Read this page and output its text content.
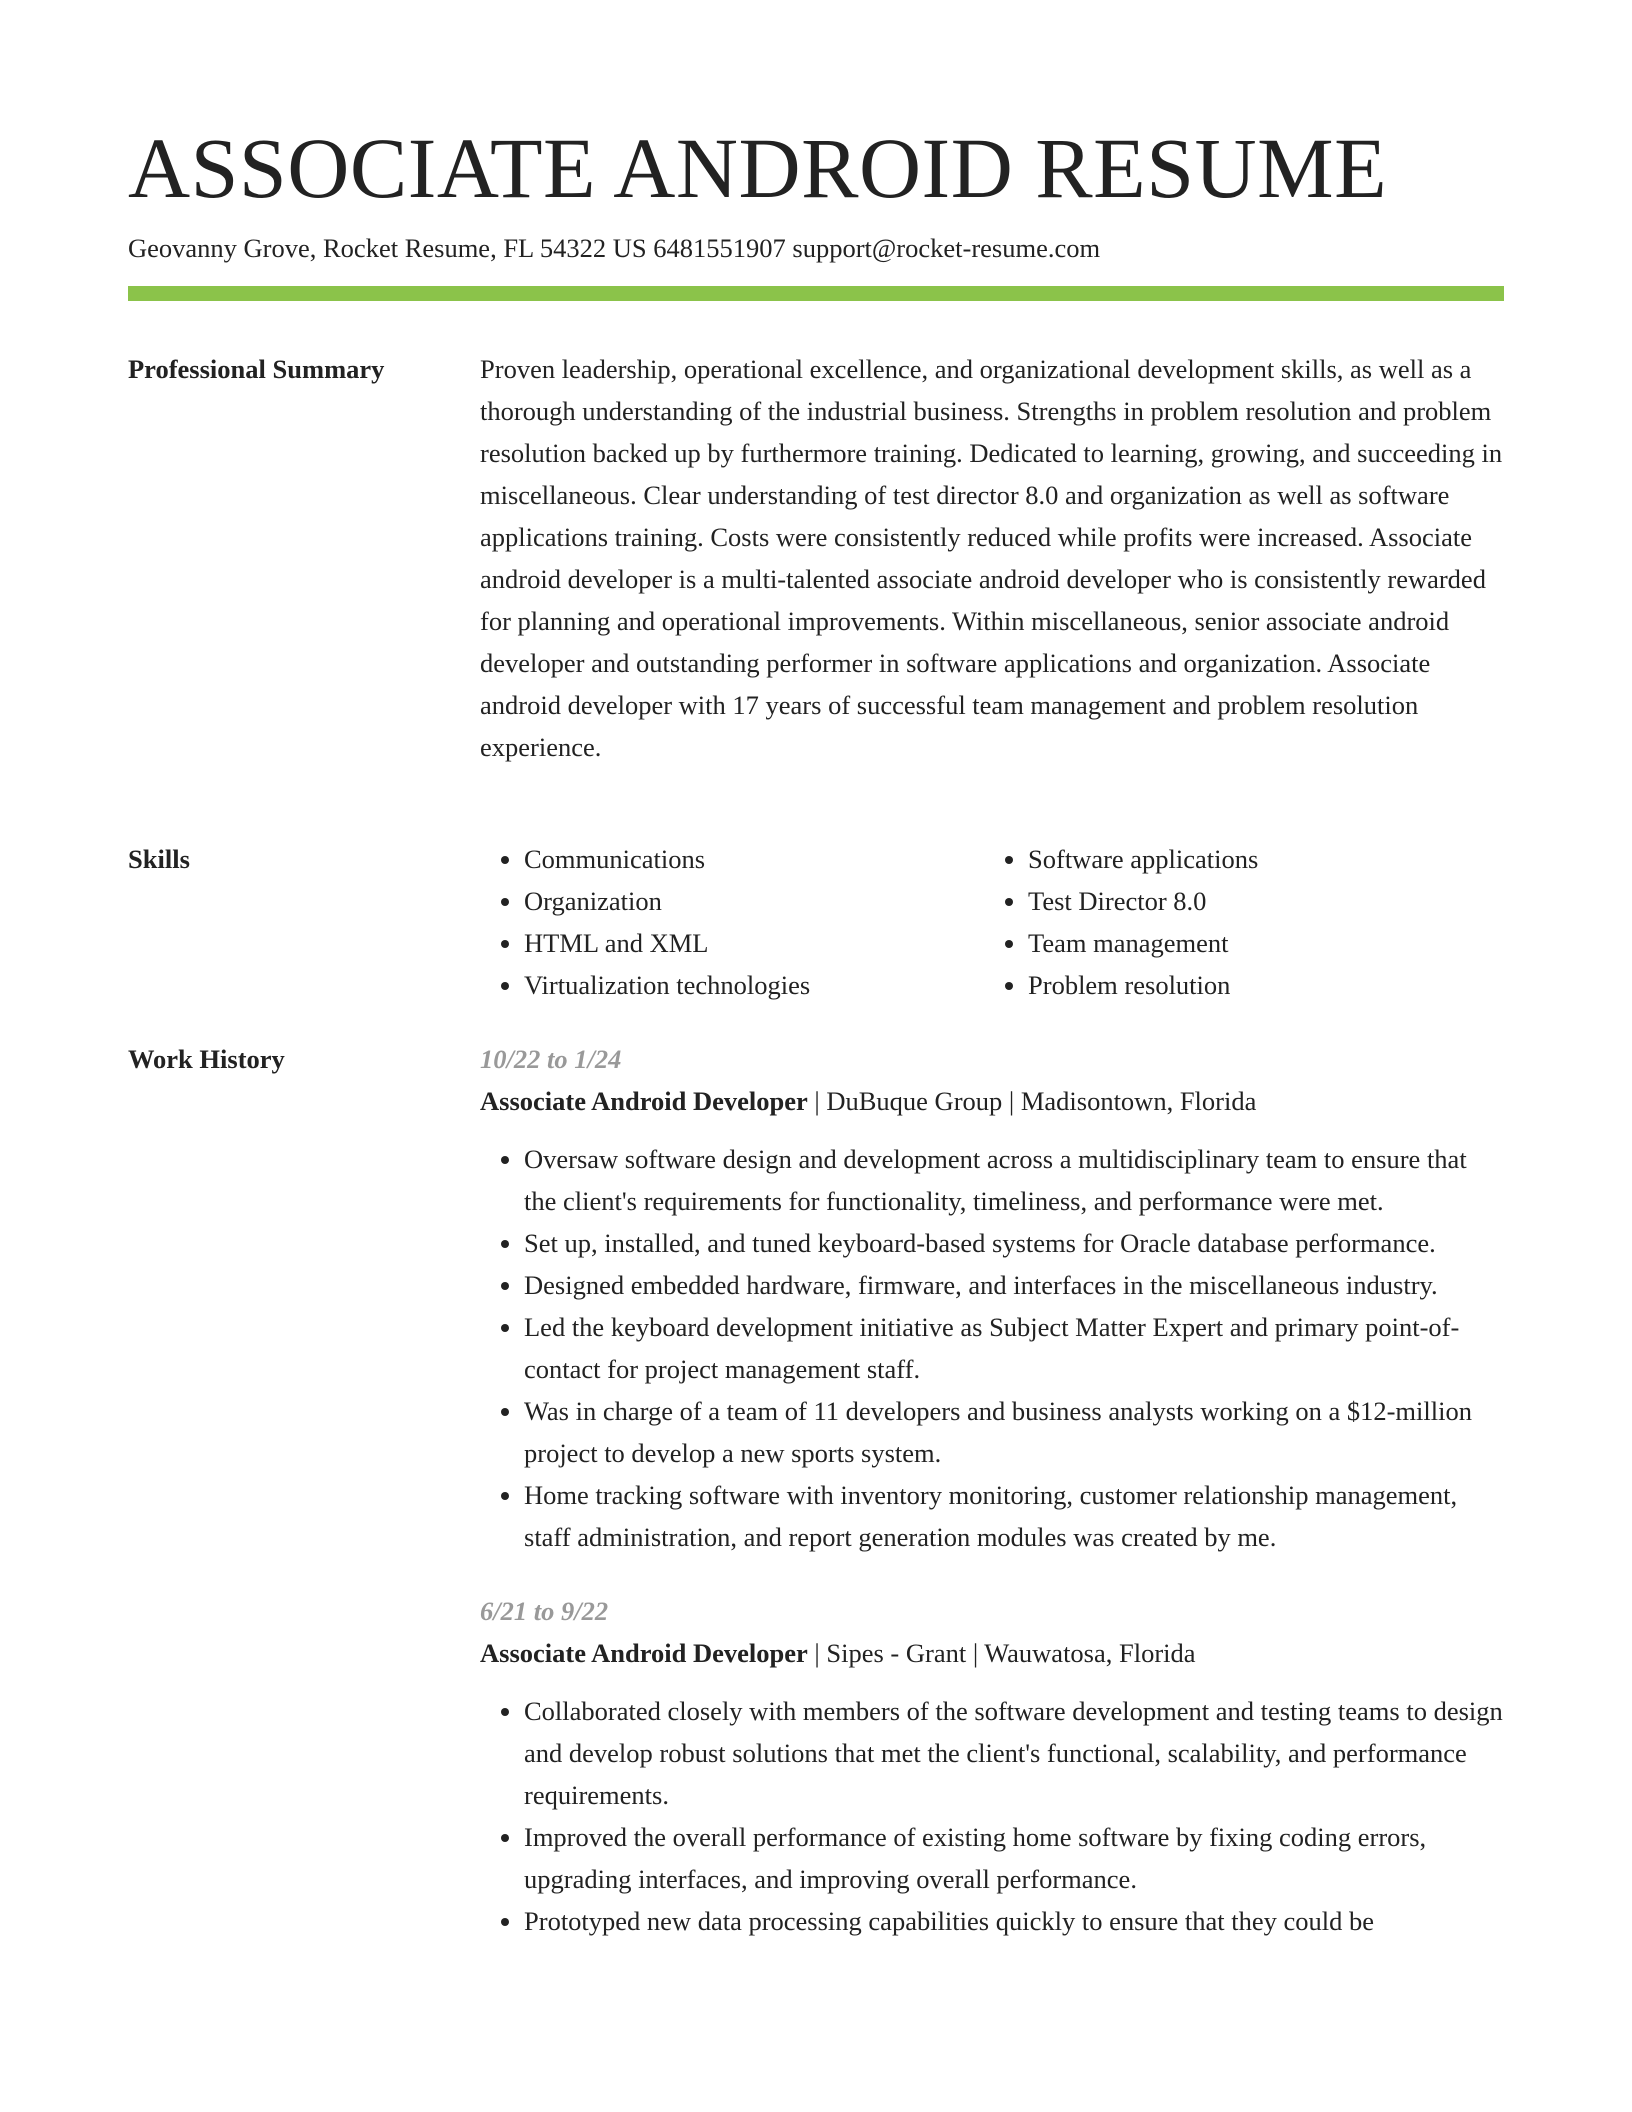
ASSOCIATE ANDROID RESUME
Geovanny Grove, Rocket Resume, FL 54322 US 6481551907 support@rocket-resume.com
Professional Summary	Proven leadership, operational excellence, and organizational development skills, as well as a thorough understanding of the industrial business. Strengths in problem resolution and problem resolution backed up by furthermore training. Dedicated to learning, growing, and succeeding in miscellaneous. Clear understanding of test director 8.0 and organization as well as software applications training. Costs were consistently reduced while profits were increased. Associate android developer is a multi-talented associate android developer who is consistently rewarded for planning and operational improvements. Within miscellaneous, senior associate android developer and outstanding performer in software applications and organization. Associate android developer with 17 years of successful team management and problem resolution experience.

Skills
•	Communications
• Organization
• HTML and XML
• Virtualization technologies
• Software applications
• Test Director 8.0
• Team management
• Problem resolution
Work History	10/22 to 1/24
Associate Android Developer | DuBuque Group | Madisontown, Florida
• Oversaw software design and development across a multidisciplinary team to ensure that the client's requirements for functionality, timeliness, and performance were met.
• Set up, installed, and tuned keyboard-based systems for Oracle database performance.
• Designed embedded hardware, firmware, and interfaces in the miscellaneous industry.
• Led the keyboard development initiative as Subject Matter Expert and primary point-of-contact for project management staff.
• Was in charge of a team of 11 developers and business analysts working on a $12-million project to develop a new sports system.
• Home tracking software with inventory monitoring, customer relationship management, staff administration, and report generation modules was created by me.
6/21 to 9/22
Associate Android Developer | Sipes - Grant | Wauwatosa, Florida
• Collaborated closely with members of the software development and testing teams to design and develop robust solutions that met the client's functional, scalability, and performance requirements.
• Improved the overall performance of existing home software by fixing coding errors, upgrading interfaces, and improving overall performance.
• Prototyped new data processing capabilities quickly to ensure that they could be
